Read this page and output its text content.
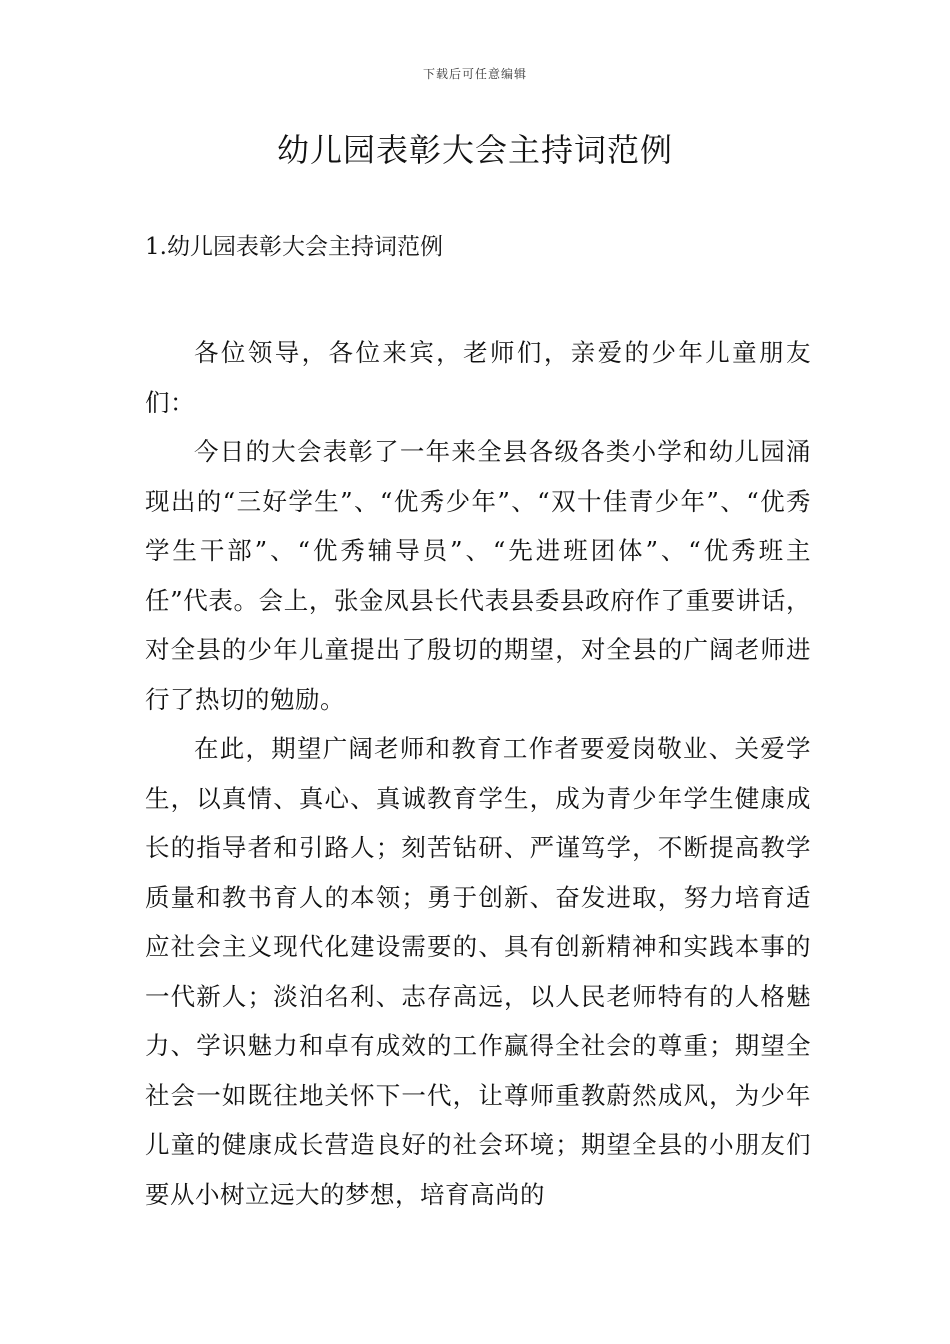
下载后可任意编辑
幼儿园表彰大会主持词范例
1.幼儿园表彰大会主持词范例

各位领导，各位来宾，老师们，亲爱的少年儿童朋友们：

今日的大会表彰了一年来全县各级各类小学和幼儿园涌现出的“三好学生”、“优秀少年”、“双十佳青少年”、“优秀学生干部”、“优秀辅导员”、“先进班团体”、“优秀班主任”代表。会上，张金凤县长代表县委县政府作了重要讲话，对全县的少年儿童提出了殷切的期望，对全县的广阔老师进行了热切的勉励。

在此，期望广阔老师和教育工作者要爱岗敬业、关爱学生，以真情、真心、真诚教育学生，成为青少年学生健康成长的指导者和引路人；刻苦钻研、严谨笃学，不断提高教学质量和教书育人的本领；勇于创新、奋发进取，努力培育适应社会主义现代化建设需要的、具有创新精神和实践本事的一代新人；淡泊名利、志存高远，以人民老师特有的人格魅力、学识魅力和卓有成效的工作赢得全社会的尊重；期望全社会一如既往地关怀下一代，让尊师重教蔚然成风，为少年儿童的健康成长营造良好的社会环境；期望全县的小朋友们要从小树立远大的梦想，培育高尚的
